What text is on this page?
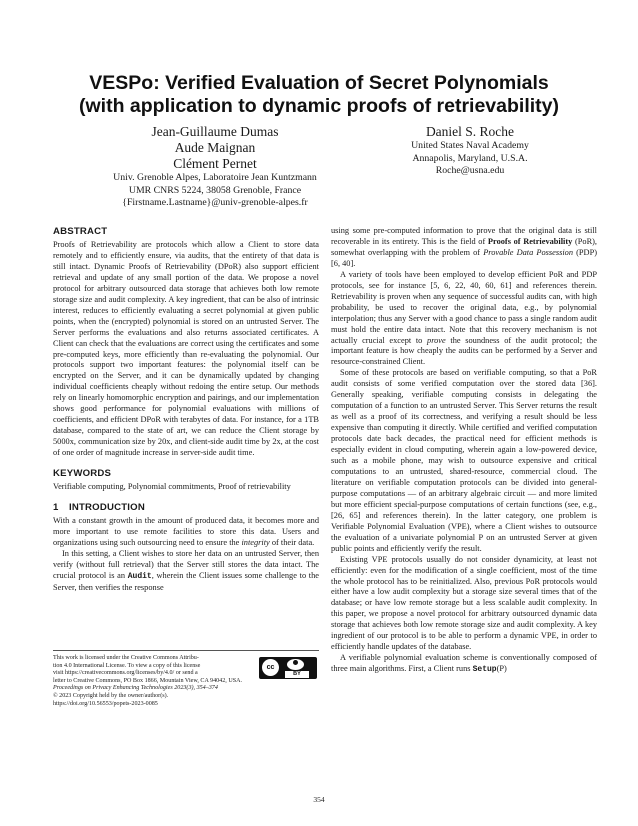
VESPo: Verified Evaluation of Secret Polynomials
(with application to dynamic proofs of retrievability)
Jean-Guillaume Dumas
Aude Maignan
Clément Pernet
Univ. Grenoble Alpes, Laboratoire Jean Kuntzmann
UMR CNRS 5224, 38058 Grenoble, France
{Firstname.Lastname}@univ-grenoble-alpes.fr
Daniel S. Roche
United States Naval Academy
Annapolis, Maryland, U.S.A.
Roche@usna.edu
ABSTRACT

Proofs of Retrievability are protocols which allow a Client to store data remotely and to efficiently ensure, via audits, that the entirety of that data is still intact. Dynamic Proofs of Retrievability (DPoR) also support efficient retrieval and update of any small portion of the data. We propose a novel protocol for arbitrary outsourced data storage that achieves both low remote storage size and audit complexity. A key ingredient, that can be also of intrinsic interest, reduces to efficiently evaluating a secret polynomial at given public points, when the (encrypted) polynomial is stored on an untrusted Server. The Server performs the evaluations and also returns associated certificates. A Client can check that the evaluations are correct using the certificates and some pre-computed keys, more efficiently than re-evaluating the polynomial. Our protocols support two important features: the polynomial itself can be encrypted on the Server, and it can be dynamically updated by changing individual coefficients cheaply without redoing the entire setup. Our methods rely on linearly homomorphic encryption and pairings, and our implementation shows good performance for polynomial evaluations with millions of coefficients, and efficient DPoR with terabytes of data. For instance, for a 1TB database, compared to the state of art, we can reduce the Client storage by 5000x, communication size by 20x, and client-side audit time by 2x, at the cost of one order of magnitude increase in server-side audit time.

KEYWORDS

Verifiable computing, Polynomial commitments, Proof of retrievability

1 INTRODUCTION

With a constant growth in the amount of produced data, it becomes more and more important to use remote facilities to store this data. Users and organizations using such outsourcing need to ensure the integrity of their data.

In this setting, a Client wishes to store her data on an untrusted Server, then verify (without full retrieval) that the Server still stores the data intact. The crucial protocol is an Audit, wherein the Client issues some challenge to the Server, then verifies the response

This work is licensed under the Creative Commons Attribu-
tion 4.0 International License. To view a copy of this license
visit https://creativecommons.org/licenses/by/4.0/ or send a
cc
BY
letter to Creative Commons, PO Box 1866, Mountain View, CA 94042, USA.
Proceedings on Privacy Enhancing Technologies 2023(3), 354–374
© 2023 Copyright held by the owner/author(s).
https://doi.org/10.56553/popets-2023-0085

using some pre-computed information to prove that the original data is still recoverable in its entirety. This is the field of Proofs of Retrievability (PoR), somewhat overlapping with the problem of Provable Data Possession (PDP) [6, 40].

A variety of tools have been employed to develop efficient PoR and PDP protocols, see for instance [5, 6, 22, 40, 60, 61] and references therein. Retrievability is proven when any sequence of successful audits can, with high probability, be used to recover the original data, e.g., by polynomial interpolation; thus any Server with a good chance to pass a single random audit must hold the entire data intact. Note that this recovery mechanism is not actually crucial except to prove the soundness of the audit protocol; the important feature is how cheaply the audits can be performed by a Server and resource-constrained Client.

Some of these protocols are based on verifiable computing, so that a PoR audit consists of some verified computation over the stored data [36]. Generally speaking, verifiable computing consists in delegating the computation of a function to an untrusted Server. This Server returns the result as well as a proof of its correctness, and verifying a result should be less expensive than computing it directly. While certified and verified computation protocols date back decades, the practical need for efficient methods is especially evident in cloud computing, wherein again a low-powered device, such as a mobile phone, may wish to outsource expensive and critical computations to an untrusted, shared-resource, commercial cloud. The literature on verifiable computation protocols can be divided into general-purpose computations — of an arbitrary algebraic circuit — and more limited but more efficient special-purpose computations of certain functions (see, e.g., [26, 65] and references therein). In the latter category, one problem is Verifiable Polynomial Evaluation (VPE), where a Client wishes to outsource the evaluation of a univariate polynomial P on an untrusted Server at given public points and efficiently verify the result.

Existing VPE protocols usually do not consider dynamicity, at least not efficiently: even for the modification of a single coefficient, most of the time the whole protocol has to be reinitialized. Also, previous PoR protocols would either have a low audit complexity but a storage size several times that of the database; or have low remote storage but a less scalable audit complexity. In this paper, we propose a novel protocol for arbitrary outsourced dynamic data storage that achieves both low remote storage size and audit complexity. A key ingredient of our protocol is to be able to perform a dynamic VPE, in order to efficiently handle updates of the database.

A verifiable polynomial evaluation scheme is conventionally composed of three main algorithms. First, a Client runs Setup(P)

354
